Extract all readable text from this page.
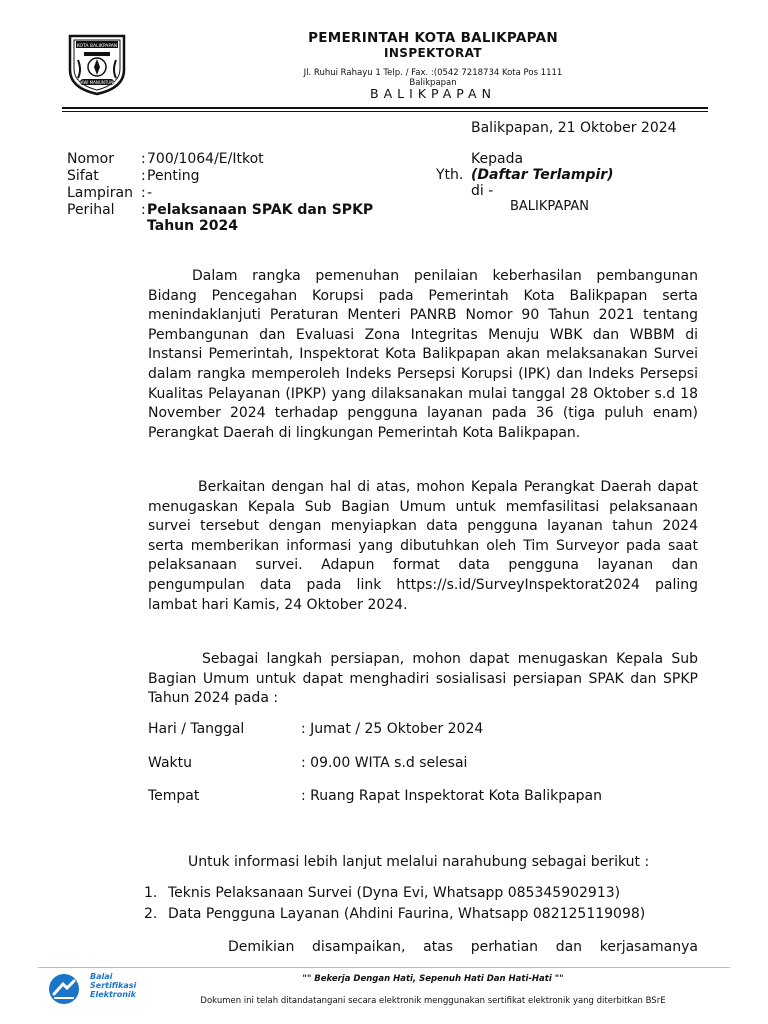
KOTA BALIKPAPAN
GAWI MANUNTUNG
PEMERINTAH KOTA BALIKPAPAN
INSPEKTORAT
Jl. Ruhui Rahayu 1 Telp. / Fax. :(0542 7218734 Kota Pos 1111
Balikpapan
BALIKPAPAN
Balikpapan, 21 Oktober 2024
Nomor : 700/1064/E/Itkot
Sifat	: Penting
Lampiran : -
Perihal : Pelaksanaan SPAK dan SPKP
Tahun 2024
Kepada
Yth. (Daftar Terlampir)
di -
BALIKPAPAN

Dalam rangka pemenuhan penilaian keberhasilan pembangunan Bidang Pencegahan Korupsi pada Pemerintah Kota Balikpapan serta menindaklanjuti Peraturan Menteri PANRB Nomor 90 Tahun 2021 tentang Pembangunan dan Evaluasi Zona Integritas Menuju WBK dan WBBM di Instansi Pemerintah, Inspektorat Kota Balikpapan akan melaksanakan Survei dalam rangka memperoleh Indeks Persepsi Korupsi (IPK) dan Indeks Persepsi Kualitas Pelayanan (IPKP) yang dilaksanakan mulai tanggal 28 Oktober s.d 18 November 2024 terhadap pengguna layanan pada 36 (tiga puluh enam) Perangkat Daerah di lingkungan Pemerintah Kota Balikpapan.

Berkaitan dengan hal di atas, mohon Kepala Perangkat Daerah dapat menugaskan Kepala Sub Bagian Umum untuk memfasilitasi pelaksanaan survei tersebut dengan menyiapkan data pengguna layanan tahun 2024 serta memberikan informasi yang dibutuhkan oleh Tim Surveyor pada saat pelaksanaan survei. Adapun format data pengguna layanan dan pengumpulan data pada link https://s.id/SurveyInspektorat2024 paling lambat hari Kamis, 24 Oktober 2024.

Sebagai langkah persiapan, mohon dapat menugaskan Kepala Sub Bagian Umum untuk dapat menghadiri sosialisasi persiapan SPAK dan SPKP Tahun 2024 pada :

Hari / Tanggal	: Jumat / 25 Oktober 2024
Waktu	: 09.00 WITA s.d selesai
Tempat	: Ruang Rapat Inspektorat Kota Balikpapan
Untuk informasi lebih lanjut melalui narahubung sebagai berikut :
1. Teknis Pelaksanaan Survei (Dyna Evi, Whatsapp 085345902913)
2. Data Pengguna Layanan (Ahdini Faurina, Whatsapp 082125119098)
Demikian disampaikan, atas perhatian dan kerjasamanya
Balai
Sertifikasi
Elektronik
"" Bekerja Dengan Hati, Sepenuh Hati Dan Hati-Hati ""
Dokumen ini telah ditandatangani secara elektronik menggunakan sertifikat elektronik yang diterbitkan BSrE
